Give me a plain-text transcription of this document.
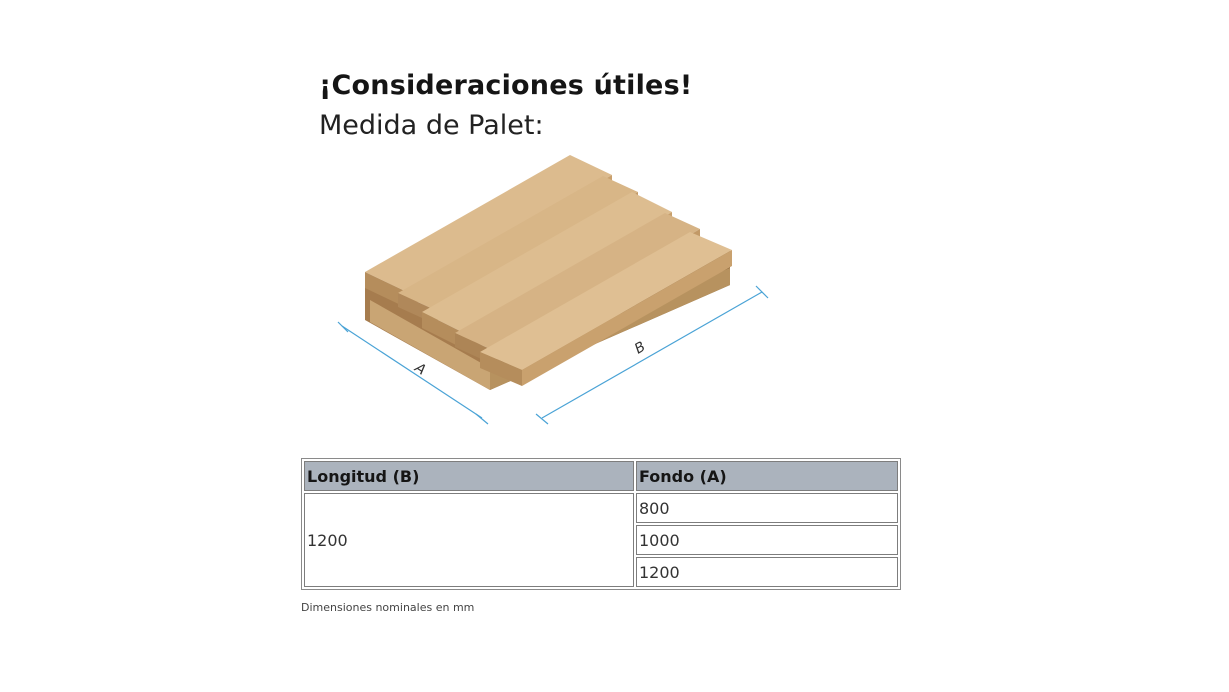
¡Consideraciones útiles!
Medida de Palet:
A
B
Longitud (B)	Fondo (A)
1200	800
	1000
	1200
Dimensiones nominales en mm
